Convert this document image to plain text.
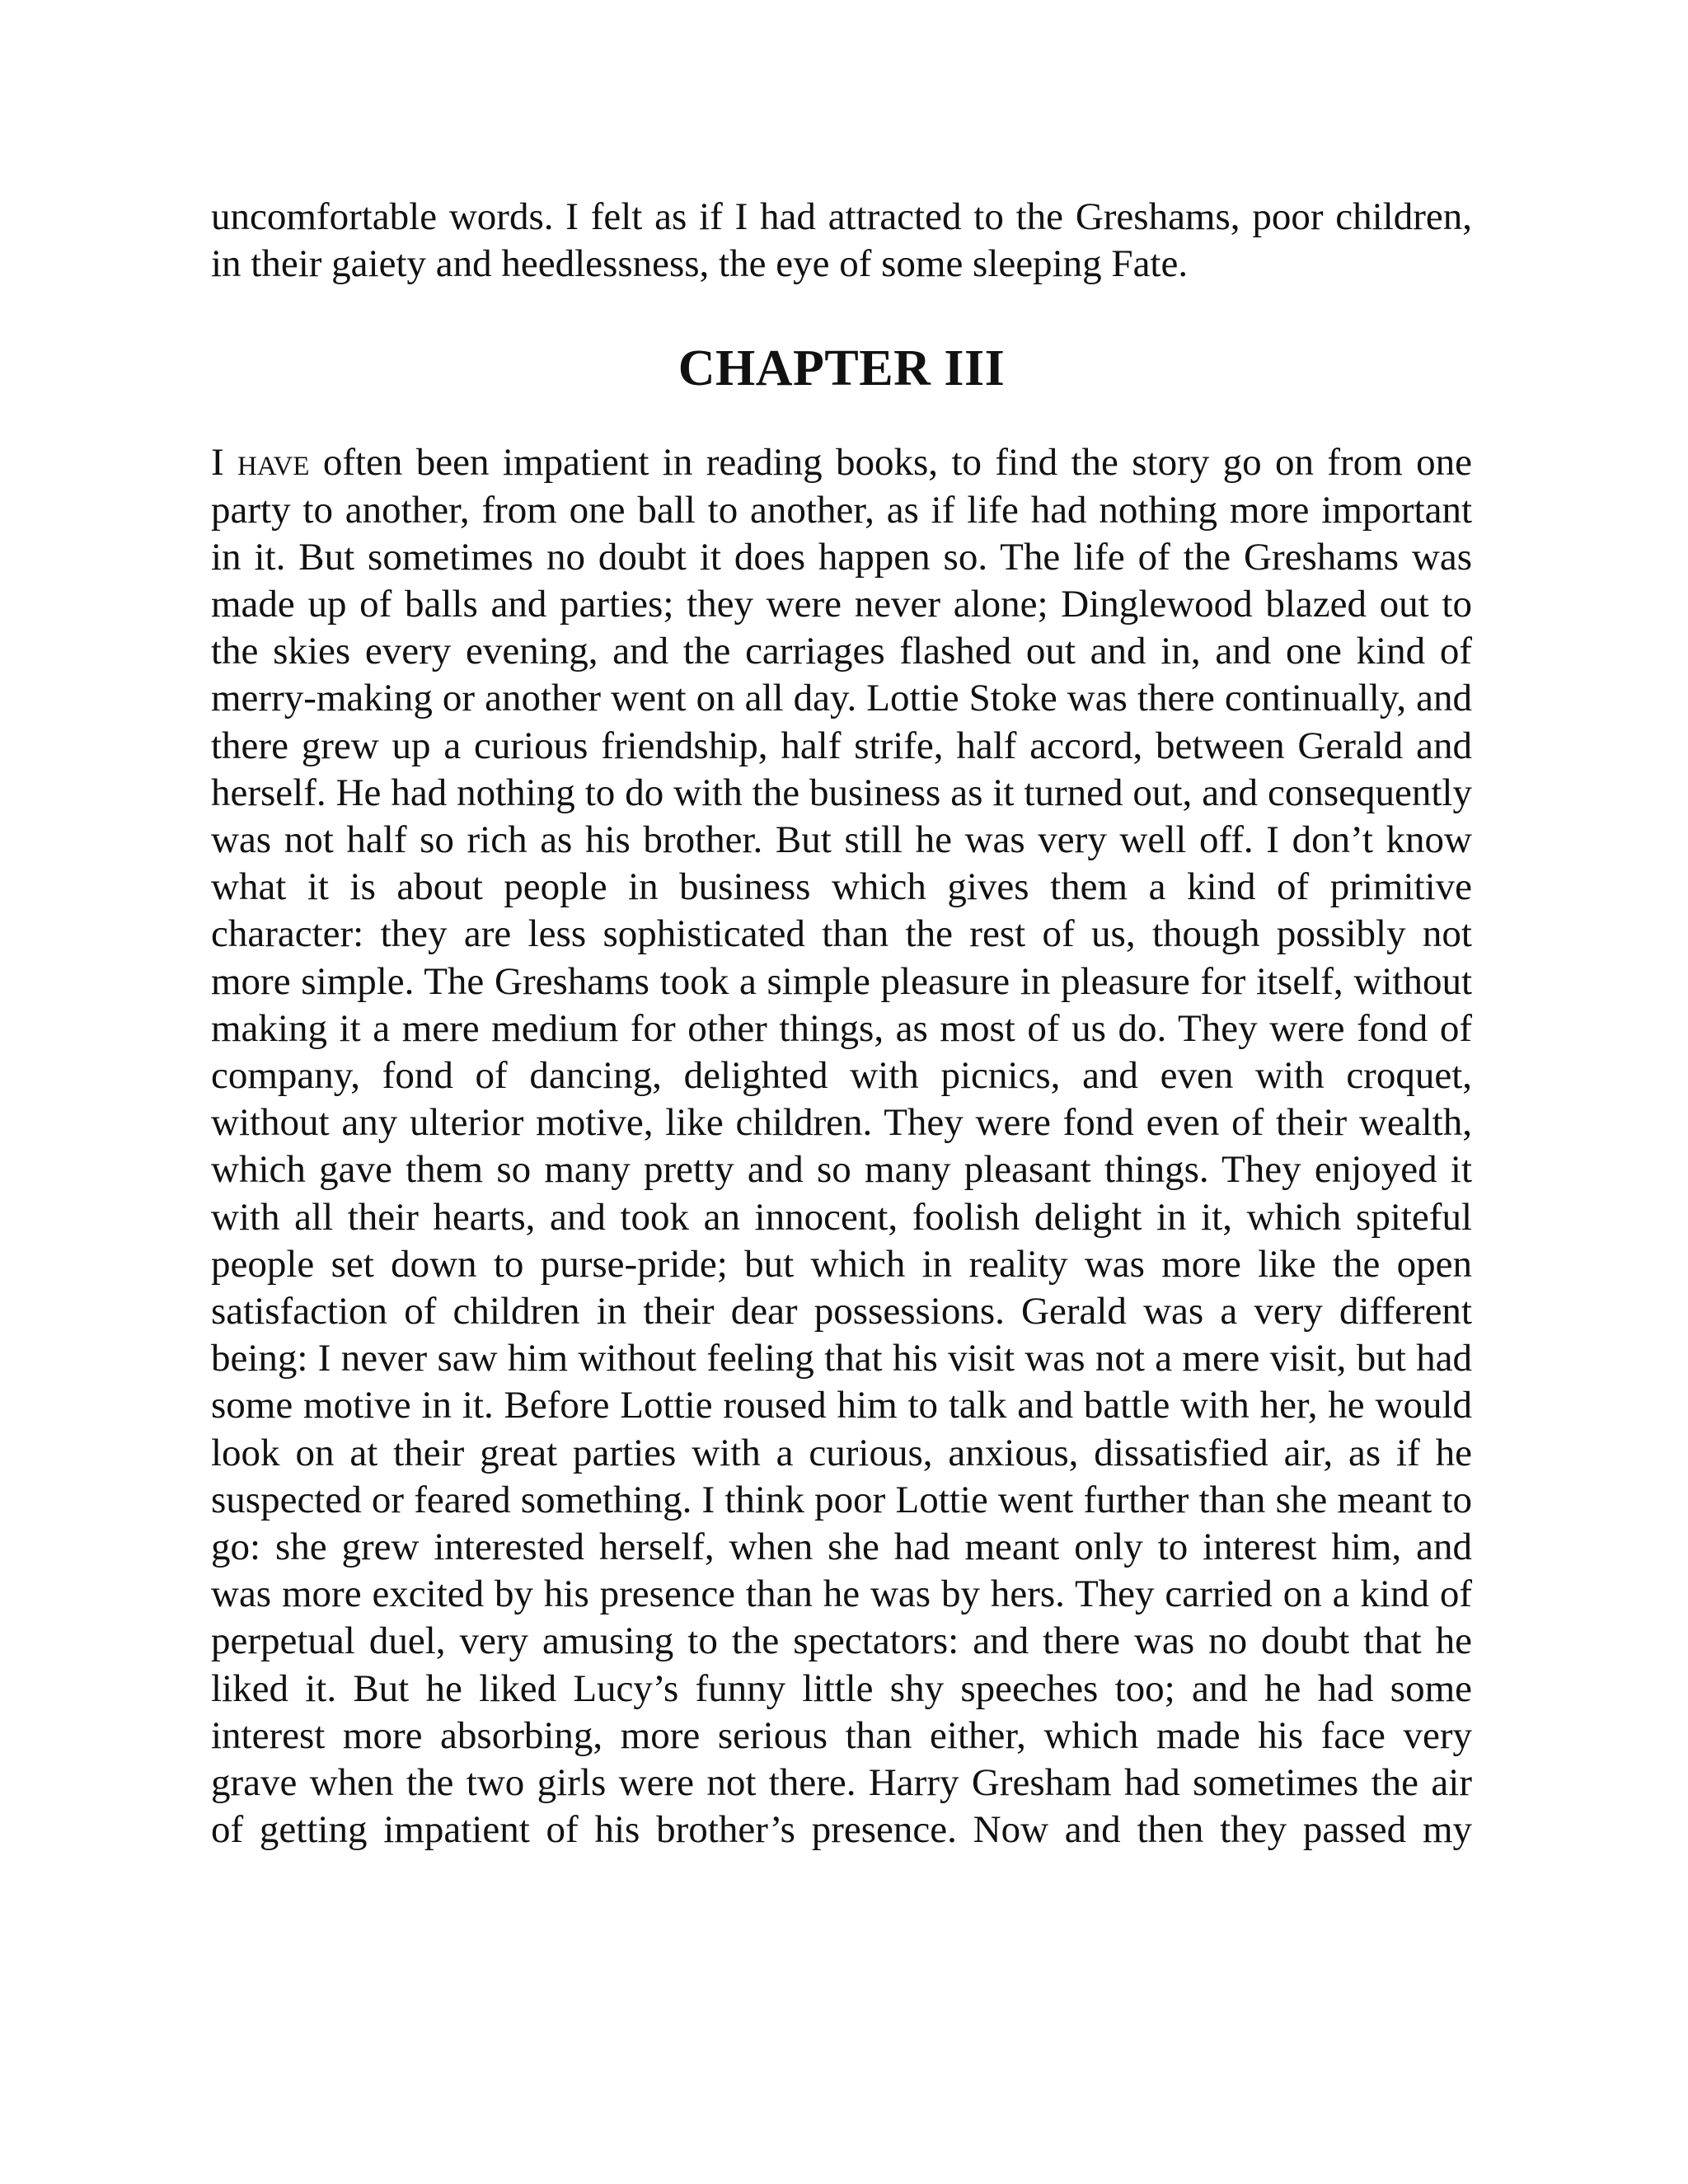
uncomfortable words. I felt as if I had attracted to the Greshams, poor children, in their gaiety and heedlessness, the eye of some sleeping Fate.

CHAPTER III

I have often been impatient in reading books, to find the story go on from one party to another, from one ball to another, as if life had nothing more important in it. But sometimes no doubt it does happen so. The life of the Greshams was made up of balls and parties; they were never alone; Dinglewood blazed out to the skies every evening, and the carriages flashed out and in, and one kind of merry-making or another went on all day. Lottie Stoke was there continually, and there grew up a curious friendship, half strife, half accord, between Gerald and herself. He had nothing to do with the business as it turned out, and consequently was not half so rich as his brother. But still he was very well off. I don’t know what it is about people in business which gives them a kind of primitive character: they are less sophisticated than the rest of us, though possibly not more simple. The Greshams took a simple pleasure in pleasure for itself, without making it a mere medium for other things, as most of us do. They were fond of company, fond of dancing, delighted with picnics, and even with croquet, without any ulterior motive, like children. They were fond even of their wealth, which gave them so many pretty and so many pleasant things. They enjoyed it with all their hearts, and took an innocent, foolish delight in it, which spiteful people set down to purse-pride; but which in reality was more like the open satisfaction of children in their dear possessions. Gerald was a very different being: I never saw him without feeling that his visit was not a mere visit, but had some motive in it. Before Lottie roused him to talk and battle with her, he would look on at their great parties with a curious, anxious, dissatisfied air, as if he suspected or feared something. I think poor Lottie went further than she meant to go: she grew interested herself, when she had meant only to interest him, and was more excited by his presence than he was by hers. They carried on a kind of perpetual duel, very amusing to the spectators: and there was no doubt that he liked it. But he liked Lucy’s funny little shy speeches too; and he had some interest more absorbing, more serious than either, which made his face very grave when the two girls were not there. Harry Gresham had sometimes the air of getting impatient of his brother’s presence. Now and then they passed my
